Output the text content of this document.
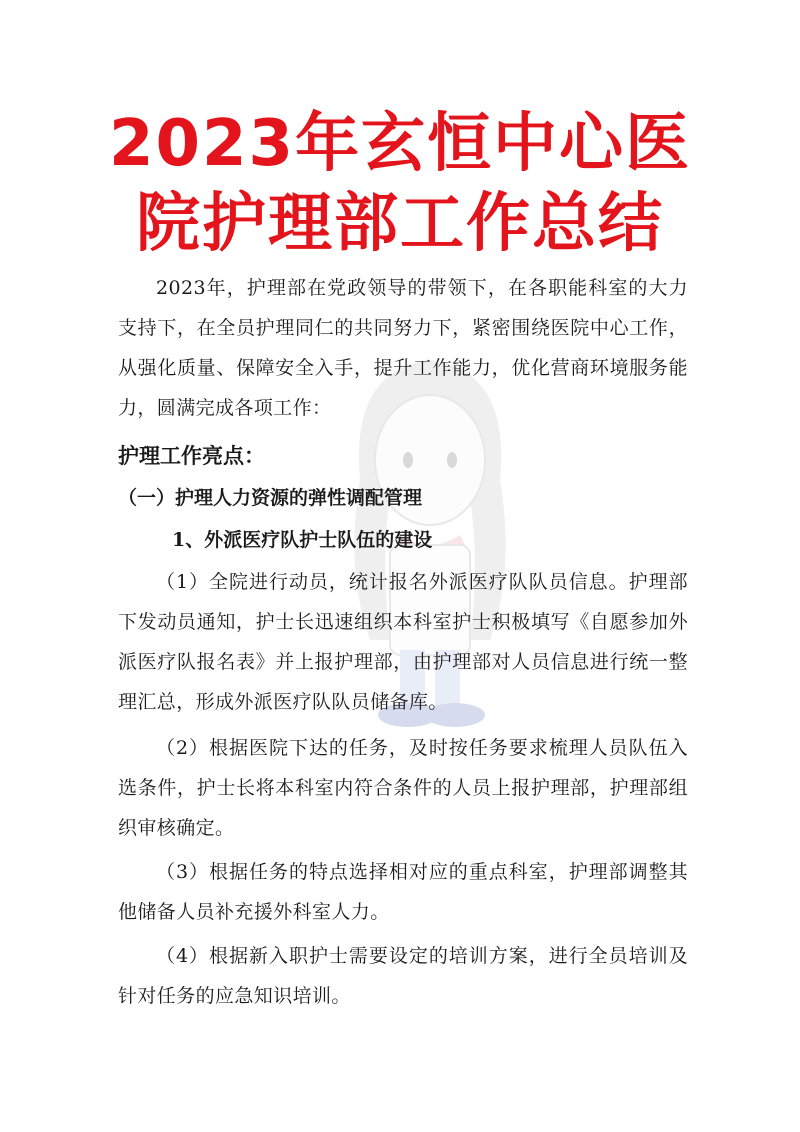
2023年玄恒中心医
院护理部工作总结
2023年，护理部在党政领导的带领下，在各职能科室的大力支持下，在全员护理同仁的共同努力下，紧密围绕医院中心工作，从强化质量、保障安全入手，提升工作能力，优化营商环境服务能力，圆满完成各项工作：
护理工作亮点：
（一）护理人力资源的弹性调配管理
1、外派医疗队护士队伍的建设
（1）全院进行动员，统计报名外派医疗队队员信息。护理部下发动员通知，护士长迅速组织本科室护士积极填写《自愿参加外派医疗队报名表》并上报护理部，由护理部对人员信息进行统一整理汇总，形成外派医疗队队员储备库。
（2）根据医院下达的任务，及时按任务要求梳理人员队伍入选条件，护士长将本科室内符合条件的人员上报护理部，护理部组织审核确定。
（3）根据任务的特点选择相对应的重点科室，护理部调整其他储备人员补充援外科室人力。
（4）根据新入职护士需要设定的培训方案，进行全员培训及针对任务的应急知识培训。
